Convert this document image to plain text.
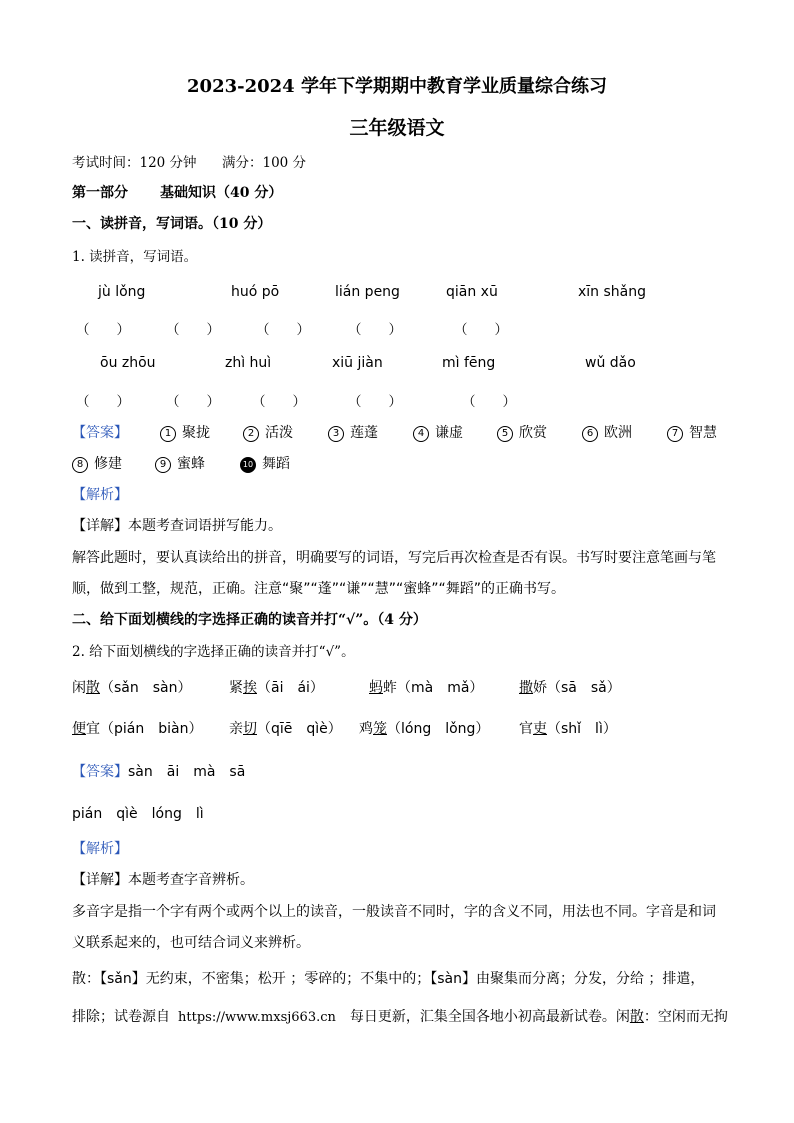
2023-2024 学年下学期期中教育学业质量综合练习
三年级语文
考试时间：120 分钟 满分：100 分
第一部分 基础知识（40 分）
一、读拼音，写词语。（10 分）
1. 读拼音，写词语。
jù lǒng	huó pō	lián peng	qiān xū	xīn shǎng
（　　）	（　　）	（　　）	（　　）	（　　）
ōu zhōu	zhì huì	xiū jiàn	mì fēng	wǔ dǎo
（　　）	（　　） （　　）	（　　）	（　　）
【答案】	1 聚拢	2 活泼	3 莲蓬	4 谦虚	5 欣赏	6 欧洲	7 智慧
8 修建	9 蜜蜂	10 舞蹈
【解析】
【详解】本题考查词语拼写能力。
解答此题时，要认真读给出的拼音，明确要写的词语，写完后再次检查是否有误。书写时要注意笔画与笔
顺，做到工整，规范，正确。注意“聚”“蓬”“谦”“慧”“蜜蜂”“舞蹈”的正确书写。
二、给下面划横线的字选择正确的读音并打“√”。（4 分）
2. 给下面划横线的字选择正确的读音并打“√”。
闲散（sǎn　sàn）	紧挨（āi　ái）	蚂蚱（mà　mǎ）	撒娇（sā　sǎ）
便宜（pián　biàn） 亲切（qīē　qìè） 鸡笼（lóng　lǒng） 官吏（shǐ　lì）
【答案】sàn　āi　mà　sā
pián　qìè　lóng　lì
【解析】
【详解】本题考查字音辨析。
多音字是指一个字有两个或两个以上的读音，一般读音不同时，字的含义不同，用法也不同。字音是和词
义联系起来的，也可结合词义来辨析。
散：【sǎn】无约束，不密集；松开 ；零碎的；不集中的；【sàn】由聚集而分离；分发，分给 ；排遣，
排除；试卷源自 https://www.mxsj663.cn 每日更新，汇集全国各地小初高最新试卷。闲散：空闲而无拘
